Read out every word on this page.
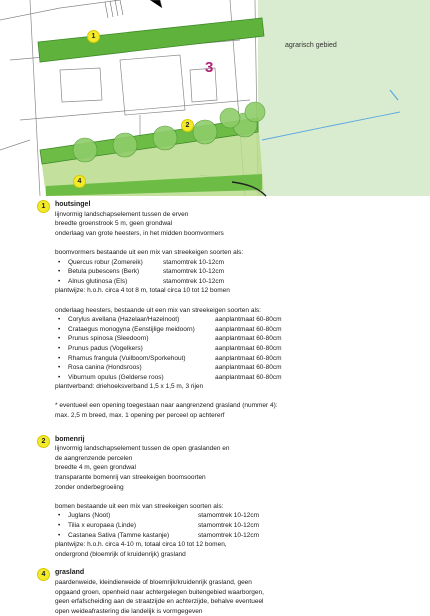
agrarisch gebied
3
1
2
4
1	houtsingel
lijnvormig landschapselement tussen de erven
breedte groenstrook 5 m, geen grondwal
onderlaag van grote heesters, in het midden boomvormers
boomvormers bestaande uit een mix van streekeigen soorten als:
• Quercus robur (Zomereik)	stamomtrek 10-12cm
• Betula pubescens (Berk)	stamomtrek 10-12cm
• Alnus glutinosa (Els)	stamomtrek 10-12cm
plantwijze: h.o.h. circa 4 tot 8 m, totaal circa 10 tot 12 bomen
onderlaag heesters, bestaande uit een mix van streekeigen soorten als:
• Corylus avellana (Hazelaar/Hazelnoot)	aanplantmaat 60-80cm
• Crataegus monogyna (Eenstijlige meidoorn)	aanplantmaat 60-80cm
• Prunus spinosa (Sleedoorn)	aanplantmaat 60-80cm
• Prunus padus (Vogelkers)	aanplantmaat 60-80cm
• Rhamus frangula (Vuilboom/Sporkehout)	aanplantmaat 60-80cm
• Rosa canina (Hondsroos)	aanplantmaat 60-80cm
• Viburnum opulus (Gelderse roos)	aanplantmaat 60-80cm
plantverband: driehoeksverband 1,5 x 1,5 m, 3 rijen
* eventueel een opening toegestaan naar aangrenzend grasland (nummer 4):
max. 2,5 m breed, max. 1 opening per perceel op achtererf
2	bomenrij
lijnvormig landschapselement tussen de open graslanden en
de aangrenzende percelen
breedte 4 m, geen grondwal
transparante bomenrij van streekeigen boomsoorten
zonder onderbegroeiing
bomen bestaande uit een mix van streekeigen soorten als:
• Juglans (Noot)	stamomtrek 10-12cm
• Tilia x europaea (Linde)	stamomtrek 10-12cm
• Castanea Sativa (Tamme kastanje)	stamomtrek 10-12cm
plantwijze: h.o.h. circa 4-10 m, totaal circa 10 tot 12 bomen,
ondergrond (bloemrijk of kruidenrijk) grasland
4	grasland
paardenweide, kleindierweide of bloemrijk/kruidenrijk grasland, geen
opgaand groen, openheid naar achtergelegen buitengebied waarborgen,
geen erfafscheiding aan de straatzijde en achterzijde, behalve eventueel
open weideafrastering die landelijk is vormgegeven
